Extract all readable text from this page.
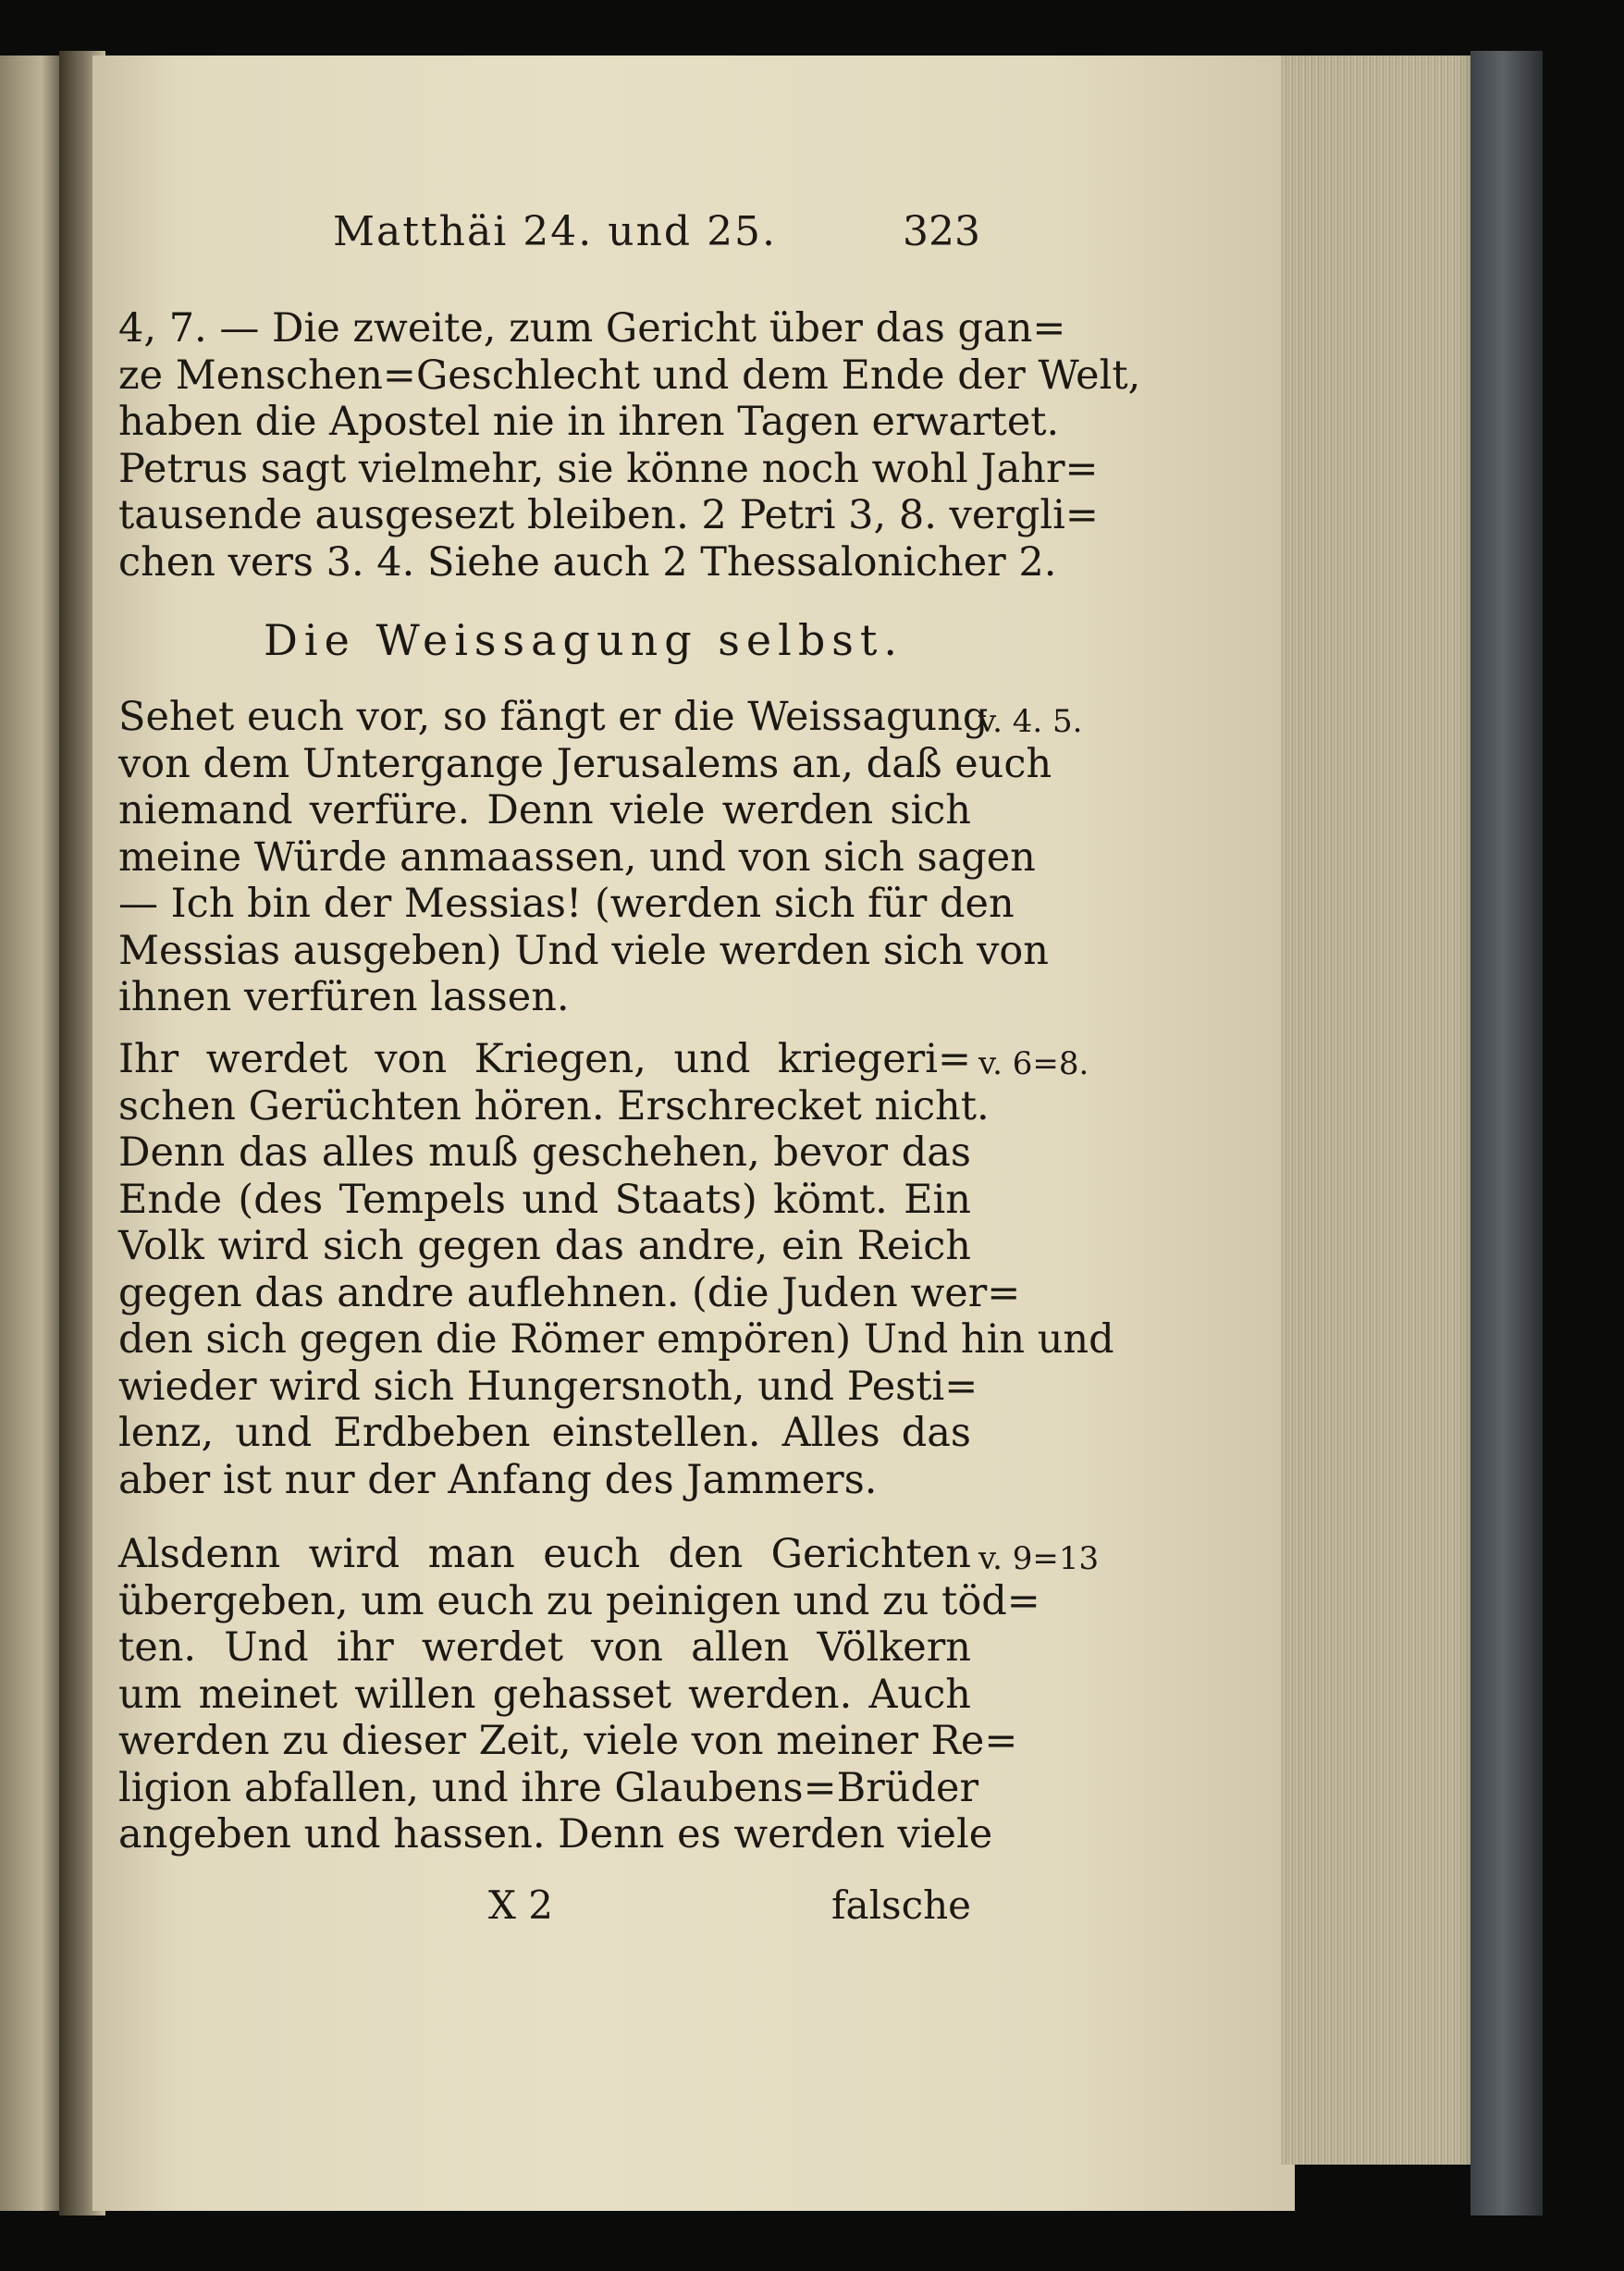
Matthäi 24. und 25.	323
4, 7. — Die zweite, zum Gericht über das gan=
ze Menschen=Geschlecht und dem Ende der Welt,
haben die Apostel nie in ihren Tagen erwartet.
Petrus sagt vielmehr, sie könne noch wohl Jahr=
tausende ausgesezt bleiben. 2 Petri 3, 8. vergli=
chen vers 3. 4. Siehe auch 2 Thessalonicher 2.
Die Weissagung selbst.
Sehet euch vor, so fängt er die Weissagung
von dem Untergange Jerusalems an, daß euch
niemand verfüre. Denn viele werden sich
meine Würde anmaassen, und von sich sagen
— Ich bin der Messias! (werden sich für den
Messias ausgeben) Und viele werden sich von
ihnen verfüren lassen.
v. 4. 5.
Ihr werdet von Kriegen, und kriegeri=
schen Gerüchten hören. Erschrecket nicht.
Denn das alles muß geschehen, bevor das
Ende (des Tempels und Staats) kömt. Ein
Volk wird sich gegen das andre, ein Reich
gegen das andre auflehnen. (die Juden wer=
den sich gegen die Römer empören) Und hin und
wieder wird sich Hungersnoth, und Pesti=
lenz, und Erdbeben einstellen. Alles das
aber ist nur der Anfang des Jammers.
v. 6=8.
Alsdenn wird man euch den Gerichten
übergeben, um euch zu peinigen und zu töd=
ten. Und ihr werdet von allen Völkern
um meinet willen gehasset werden. Auch
werden zu dieser Zeit, viele von meiner Re=
ligion abfallen, und ihre Glaubens=Brüder
angeben und hassen. Denn es werden viele
v. 9=13
X 2	falsche
